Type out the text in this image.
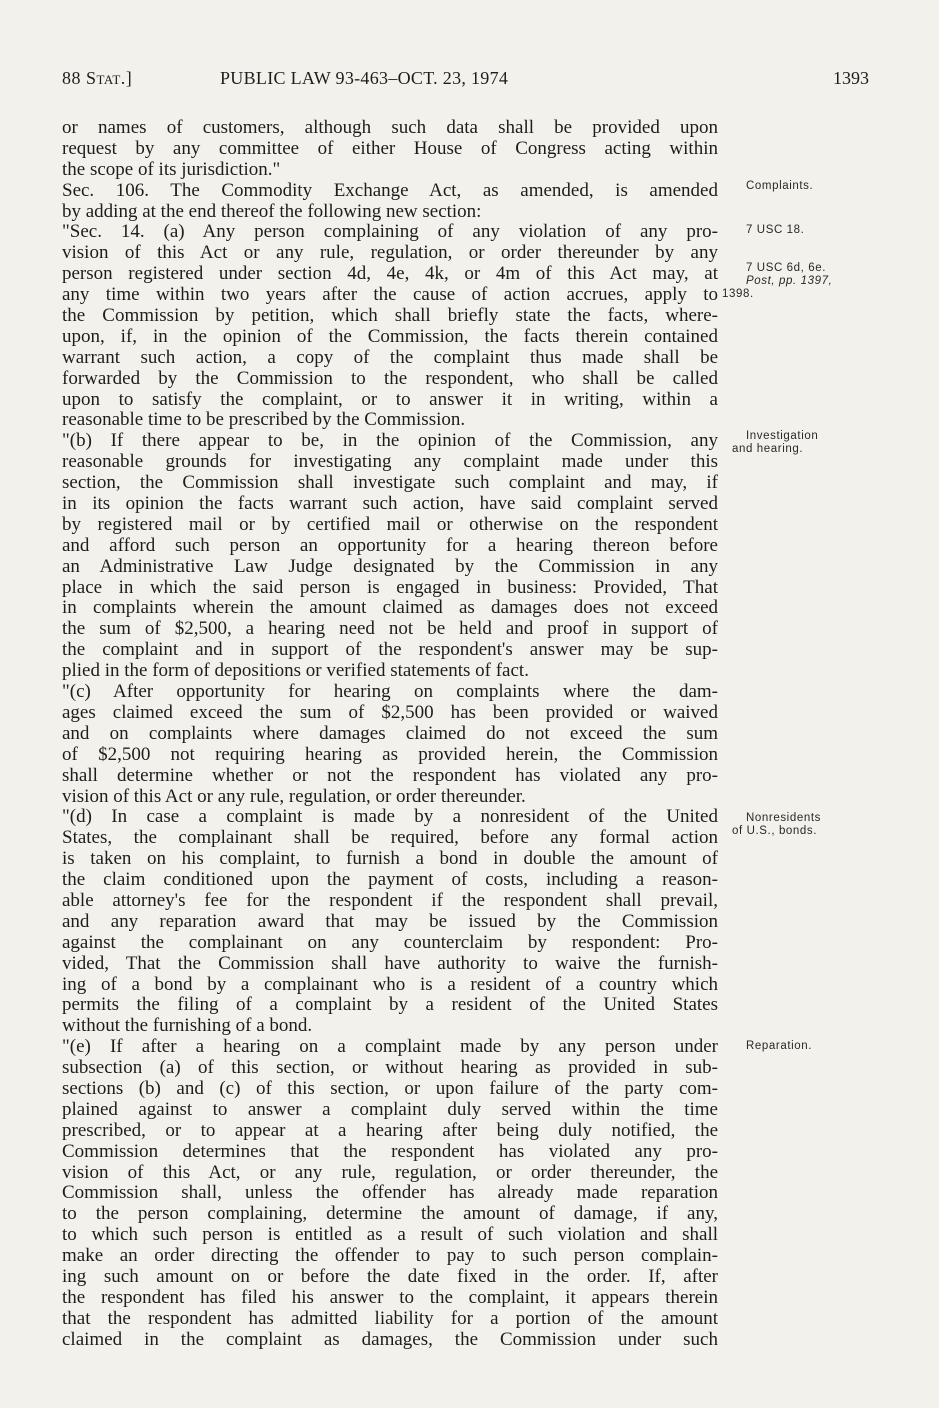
88 Stat.]	PUBLIC LAW 93-463–OCT. 23, 1974	1393
or names of customers, although such data shall be provided upon
request by any committee of either House of Congress acting within
the scope of its jurisdiction."
Sec. 106. The Commodity Exchange Act, as amended, is amended
by adding at the end thereof the following new section:
"Sec. 14. (a) Any person complaining of any violation of any pro-
vision of this Act or any rule, regulation, or order thereunder by any
person registered under section 4d, 4e, 4k, or 4m of this Act may, at
any time within two years after the cause of action accrues, apply to
the Commission by petition, which shall briefly state the facts, where-
upon, if, in the opinion of the Commission, the facts therein contained
warrant such action, a copy of the complaint thus made shall be
forwarded by the Commission to the respondent, who shall be called
upon to satisfy the complaint, or to answer it in writing, within a
reasonable time to be prescribed by the Commission.
"(b) If there appear to be, in the opinion of the Commission, any
reasonable grounds for investigating any complaint made under this
section, the Commission shall investigate such complaint and may, if
in its opinion the facts warrant such action, have said complaint served
by registered mail or by certified mail or otherwise on the respondent
and afford such person an opportunity for a hearing thereon before
an Administrative Law Judge designated by the Commission in any
place in which the said person is engaged in business: Provided, That
in complaints wherein the amount claimed as damages does not exceed
the sum of $2,500, a hearing need not be held and proof in support of
the complaint and in support of the respondent's answer may be sup-
plied in the form of depositions or verified statements of fact.
"(c) After opportunity for hearing on complaints where the dam-
ages claimed exceed the sum of $2,500 has been provided or waived
and on complaints where damages claimed do not exceed the sum
of $2,500 not requiring hearing as provided herein, the Commission
shall determine whether or not the respondent has violated any pro-
vision of this Act or any rule, regulation, or order thereunder.
"(d) In case a complaint is made by a nonresident of the United
States, the complainant shall be required, before any formal action
is taken on his complaint, to furnish a bond in double the amount of
the claim conditioned upon the payment of costs, including a reason-
able attorney's fee for the respondent if the respondent shall prevail,
and any reparation award that may be issued by the Commission
against the complainant on any counterclaim by respondent: Pro-
vided, That the Commission shall have authority to waive the furnish-
ing of a bond by a complainant who is a resident of a country which
permits the filing of a complaint by a resident of the United States
without the furnishing of a bond.
"(e) If after a hearing on a complaint made by any person under
subsection (a) of this section, or without hearing as provided in sub-
sections (b) and (c) of this section, or upon failure of the party com-
plained against to answer a complaint duly served within the time
prescribed, or to appear at a hearing after being duly notified, the
Commission determines that the respondent has violated any pro-
vision of this Act, or any rule, regulation, or order thereunder, the
Commission shall, unless the offender has already made reparation
to the person complaining, determine the amount of damage, if any,
to which such person is entitled as a result of such violation and shall
make an order directing the offender to pay to such person complain-
ing such amount on or before the date fixed in the order. If, after
the respondent has filed his answer to the complaint, it appears therein
that the respondent has admitted liability for a portion of the amount
claimed in the complaint as damages, the Commission under such
Complaints.
7 USC 18.
7 USC 6d, 6e.
Post, pp. 1397,
1398.
Investigation
and hearing.
Nonresidents
of U.S., bonds.
Reparation.
